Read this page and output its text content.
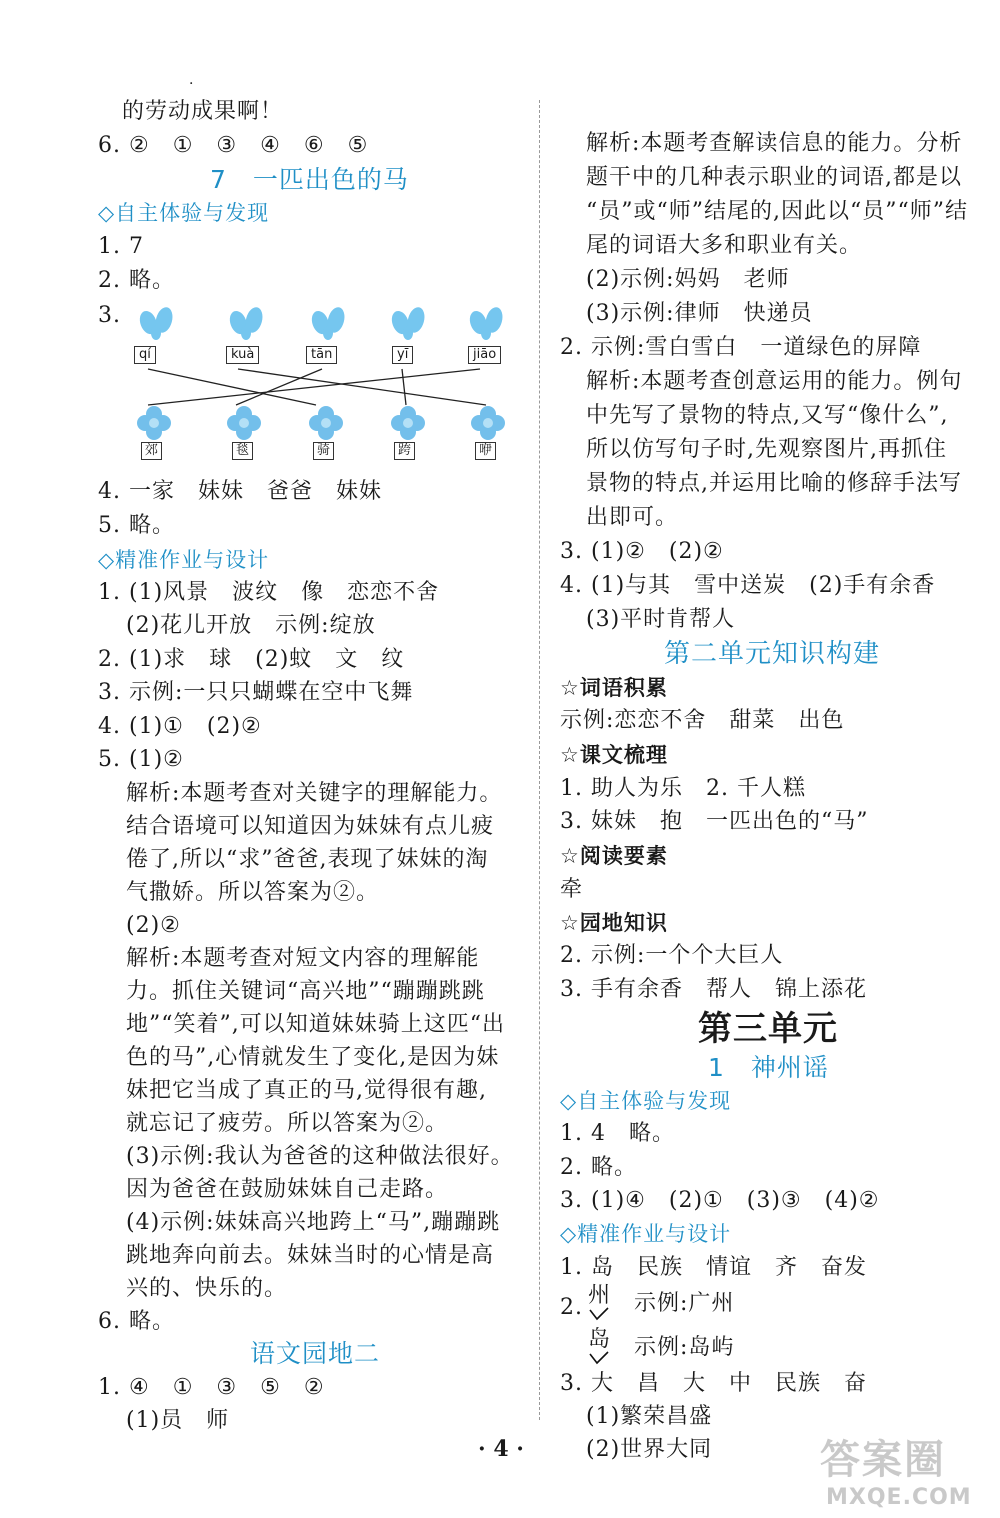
·
的劳动成果啊！
6. ②　①　③　④　⑥　⑤
7　一匹出色的马
◇自主体验与发现
1. 7
2. 略。
3.
qí	kuà	tān	yī	jiāo
郊	毯	骑	跨	咿
4. 一家　妹妹　爸爸　妹妹
5. 略。
◇精准作业与设计
1. (1)风景　波纹　像　恋恋不舍
(2)花儿开放　示例:绽放
2. (1)求　球　(2)蚊　文　纹
3. 示例:一只只蝴蝶在空中飞舞
4. (1)①　(2)②
5. (1)②
解析:本题考查对关键字的理解能力。
结合语境可以知道因为妹妹有点儿疲
倦了,所以“求”爸爸,表现了妹妹的淘
气撒娇。所以答案为②。
(2)②
解析:本题考查对短文内容的理解能
力。抓住关键词“高兴地”“蹦蹦跳跳
地”“笑着”,可以知道妹妹骑上这匹“出
色的马”,心情就发生了变化,是因为妹
妹把它当成了真正的马,觉得很有趣,
就忘记了疲劳。所以答案为②。
(3)示例:我认为爸爸的这种做法很好。
因为爸爸在鼓励妹妹自己走路。
(4)示例:妹妹高兴地跨上“马”,蹦蹦跳
跳地奔向前去。妹妹当时的心情是高
兴的、快乐的。
6. 略。
语文园地二
1. ④　①　③　⑤　②
(1)员　师
解析:本题考查解读信息的能力。分析
题干中的几种表示职业的词语,都是以
“员”或“师”结尾的,因此以“员”“师”结
尾的词语大多和职业有关。
(2)示例:妈妈　老师
(3)示例:律师　快递员
2. 示例:雪白雪白　一道绿色的屏障
解析:本题考查创意运用的能力。例句
中先写了景物的特点,又写“像什么”,
所以仿写句子时,先观察图片,再抓住
景物的特点,并运用比喻的修辞手法写
出即可。
3. (1)②　(2)②
4. (1)与其　雪中送炭　(2)手有余香
(3)平时肯帮人
第二单元知识构建
☆词语积累
示例:恋恋不舍　甜菜　出色
☆课文梳理
1. 助人为乐　2. 千人糕
3. 妹妹　抱　一匹出色的“马”
☆阅读要素
牵
☆园地知识
2. 示例:一个个大巨人
3. 手有余香　帮人　锦上添花
第三单元
1　神州谣
◇自主体验与发现
1. 4　略。
2. 略。
3. (1)④　(2)①　(3)③　(4)②
◇精准作业与设计
1. 岛　民族　情谊　齐　奋发
2. 州 示例:广州
岛 示例:岛屿
3. 大　昌　大　中　民族　奋
(1)繁荣昌盛
(2)世界大同
· 4 ·	答案圈
MXQE.COM
